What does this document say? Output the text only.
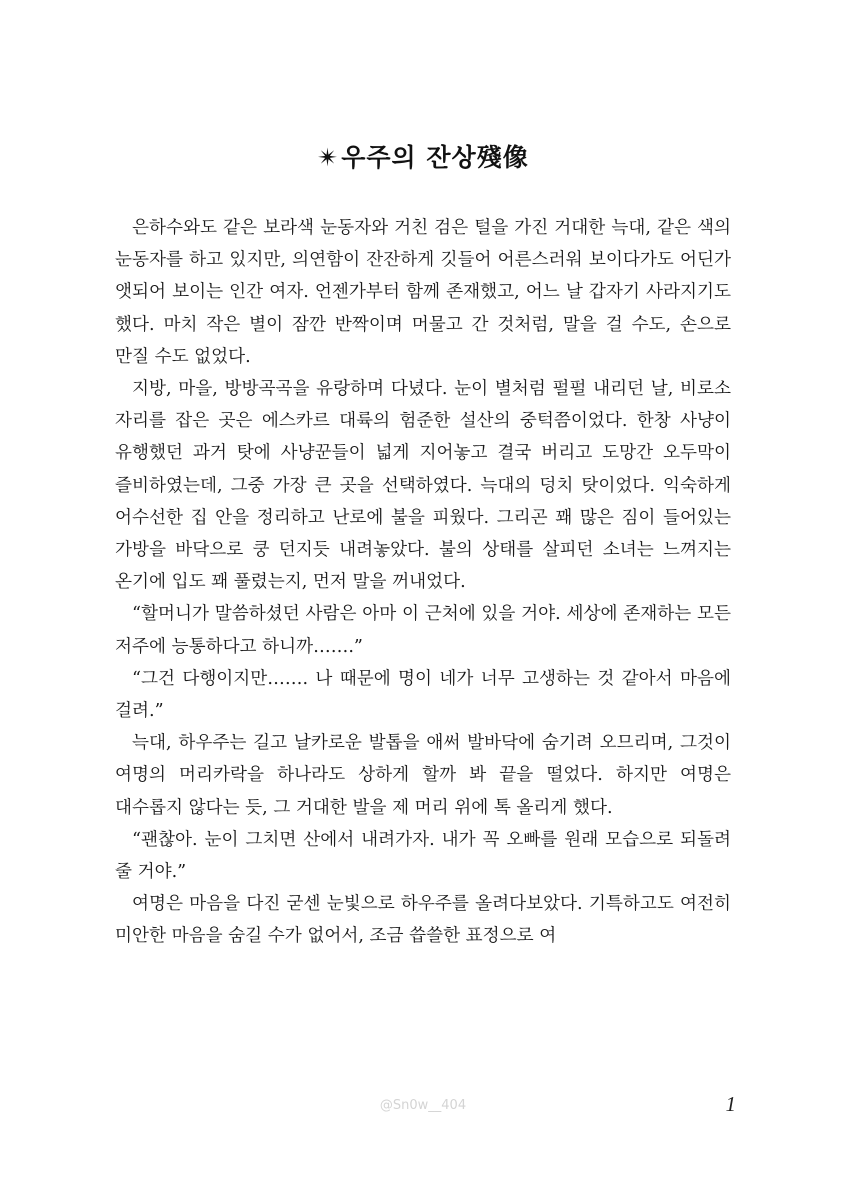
✴우주의 잔상殘像

은하수와도 같은 보라색 눈동자와 거친 검은 털을 가진 거대한 늑대, 같은 색의 눈동자를 하고 있지만, 의연함이 잔잔하게 깃들어 어른스러워 보이다가도 어딘가 앳되어 보이는 인간 여자. 언젠가부터 함께 존재했고, 어느 날 갑자기 사라지기도 했다. 마치 작은 별이 잠깐 반짝이며 머물고 간 것처럼, 말을 걸 수도, 손으로 만질 수도 없었다.

지방, 마을, 방방곡곡을 유랑하며 다녔다. 눈이 별처럼 펄펄 내리던 날, 비로소 자리를 잡은 곳은 에스카르 대륙의 험준한 설산의 중턱쯤이었다. 한창 사냥이 유행했던 과거 탓에 사냥꾼들이 넓게 지어놓고 결국 버리고 도망간 오두막이 즐비하였는데, 그중 가장 큰 곳을 선택하였다. 늑대의 덩치 탓이었다. 익숙하게 어수선한 집 안을 정리하고 난로에 불을 피웠다. 그리곤 꽤 많은 짐이 들어있는 가방을 바닥으로 쿵 던지듯 내려놓았다. 불의 상태를 살피던 소녀는 느껴지는 온기에 입도 꽤 풀렸는지, 먼저 말을 꺼내었다.

“할머니가 말씀하셨던 사람은 아마 이 근처에 있을 거야. 세상에 존재하는 모든 저주에 능통하다고 하니까…….”

“그건 다행이지만……. 나 때문에 명이 네가 너무 고생하는 것 같아서 마음에 걸려.”

늑대, 하우주는 길고 날카로운 발톱을 애써 발바닥에 숨기려 오므리며, 그것이 여명의 머리카락을 하나라도 상하게 할까 봐 끝을 떨었다. 하지만 여명은 대수롭지 않다는 듯, 그 거대한 발을 제 머리 위에 톡 올리게 했다.

“괜찮아. 눈이 그치면 산에서 내려가자. 내가 꼭 오빠를 원래 모습으로 되돌려 줄 거야.”

여명은 마음을 다진 굳센 눈빛으로 하우주를 올려다보았다. 기특하고도 여전히 미안한 마음을 숨길 수가 없어서, 조금 씁쓸한 표정으로 여

@Sn0w__404	1
